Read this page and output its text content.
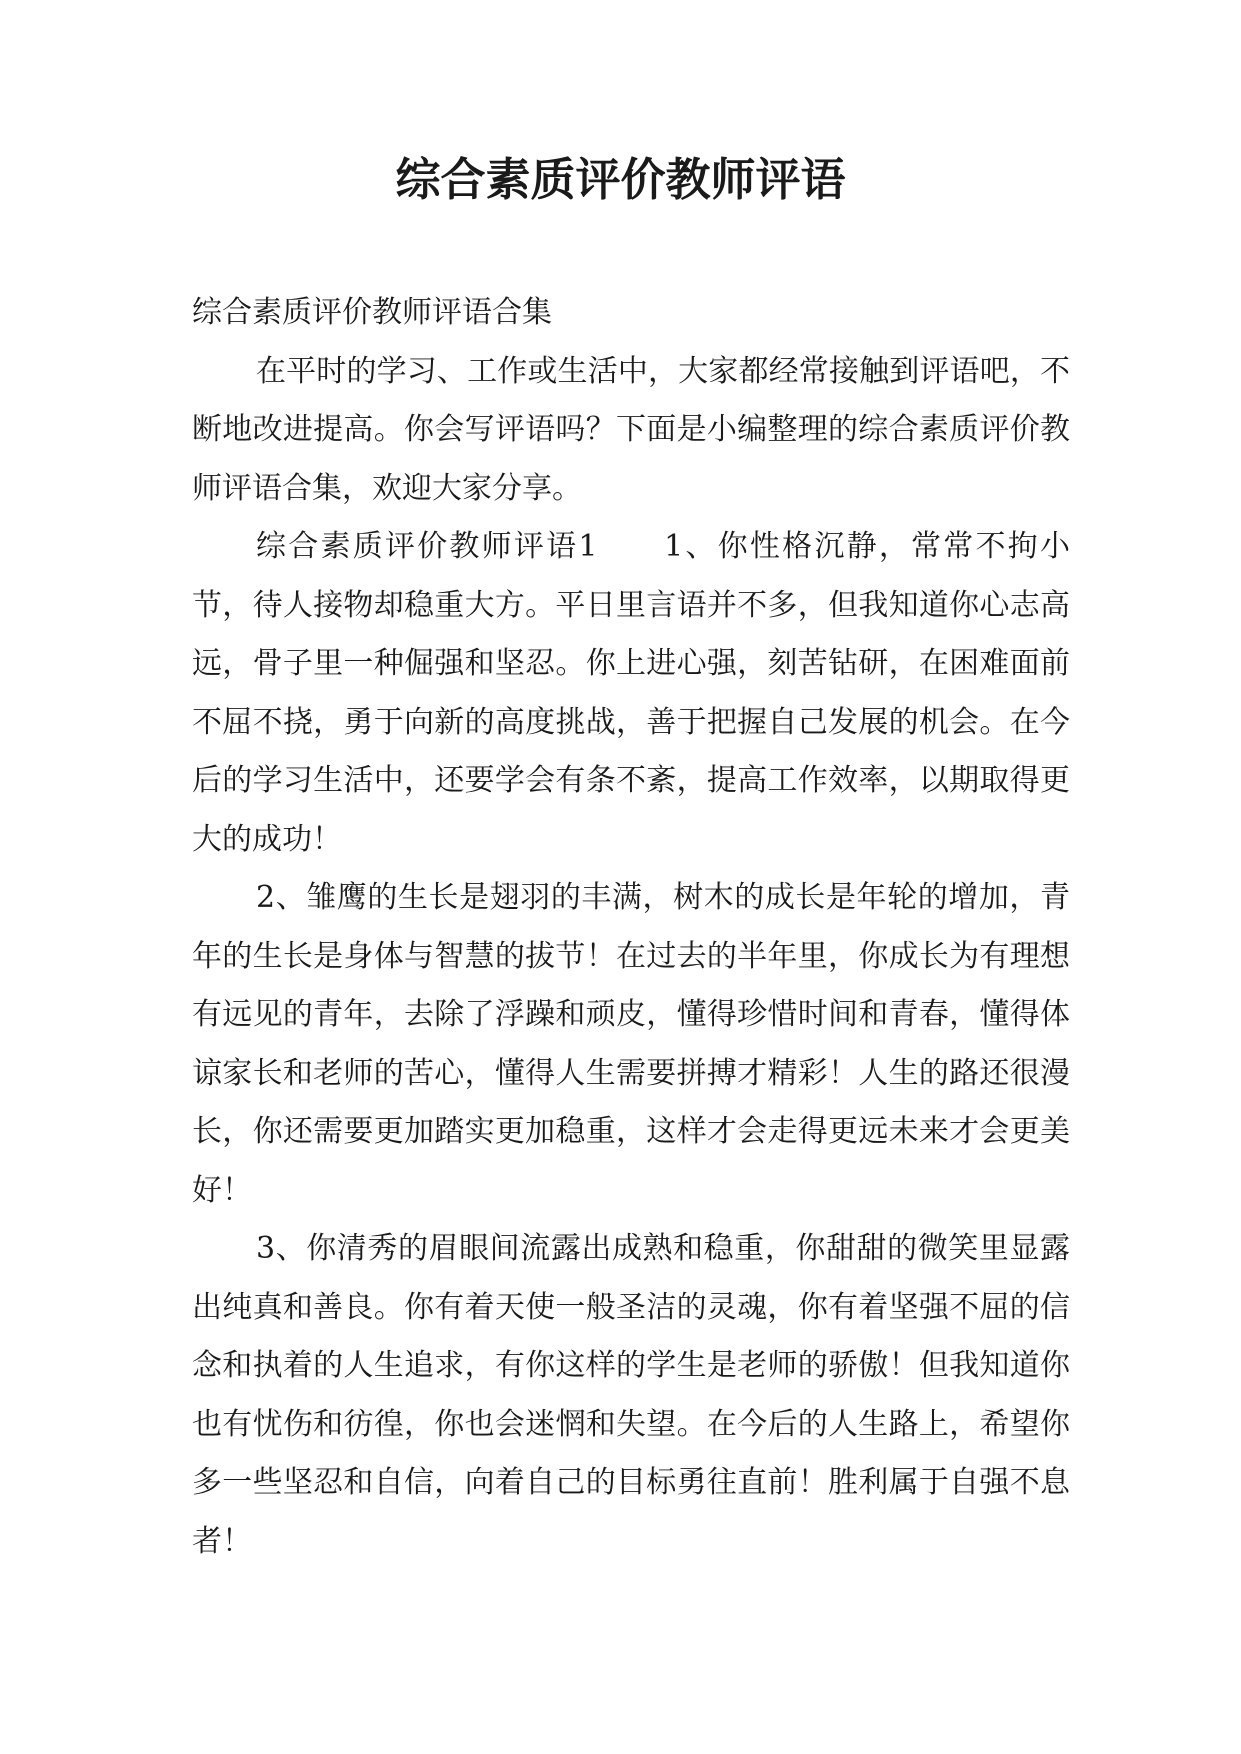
综合素质评价教师评语

综合素质评价教师评语合集

在平时的学习、工作或生活中，大家都经常接触到评语吧，不断地改进提高。你会写评语吗？下面是小编整理的综合素质评价教师评语合集，欢迎大家分享。

综合素质评价教师评语1　　1、你性格沉静，常常不拘小节，待人接物却稳重大方。平日里言语并不多，但我知道你心志高远，骨子里一种倔强和坚忍。你上进心强，刻苦钻研，在困难面前不屈不挠，勇于向新的高度挑战，善于把握自己发展的机会。在今后的学习生活中，还要学会有条不紊，提高工作效率，以期取得更大的成功！

2、雏鹰的生长是翅羽的丰满，树木的成长是年轮的增加，青年的生长是身体与智慧的拔节！在过去的半年里，你成长为有理想有远见的青年，去除了浮躁和顽皮，懂得珍惜时间和青春，懂得体谅家长和老师的苦心，懂得人生需要拼搏才精彩！人生的路还很漫长，你还需要更加踏实更加稳重，这样才会走得更远未来才会更美好！

3、你清秀的眉眼间流露出成熟和稳重，你甜甜的微笑里显露出纯真和善良。你有着天使一般圣洁的灵魂，你有着坚强不屈的信念和执着的人生追求，有你这样的学生是老师的骄傲！但我知道你也有忧伤和彷徨，你也会迷惘和失望。在今后的人生路上，希望你多一些坚忍和自信，向着自己的目标勇往直前！胜利属于自强不息者！
